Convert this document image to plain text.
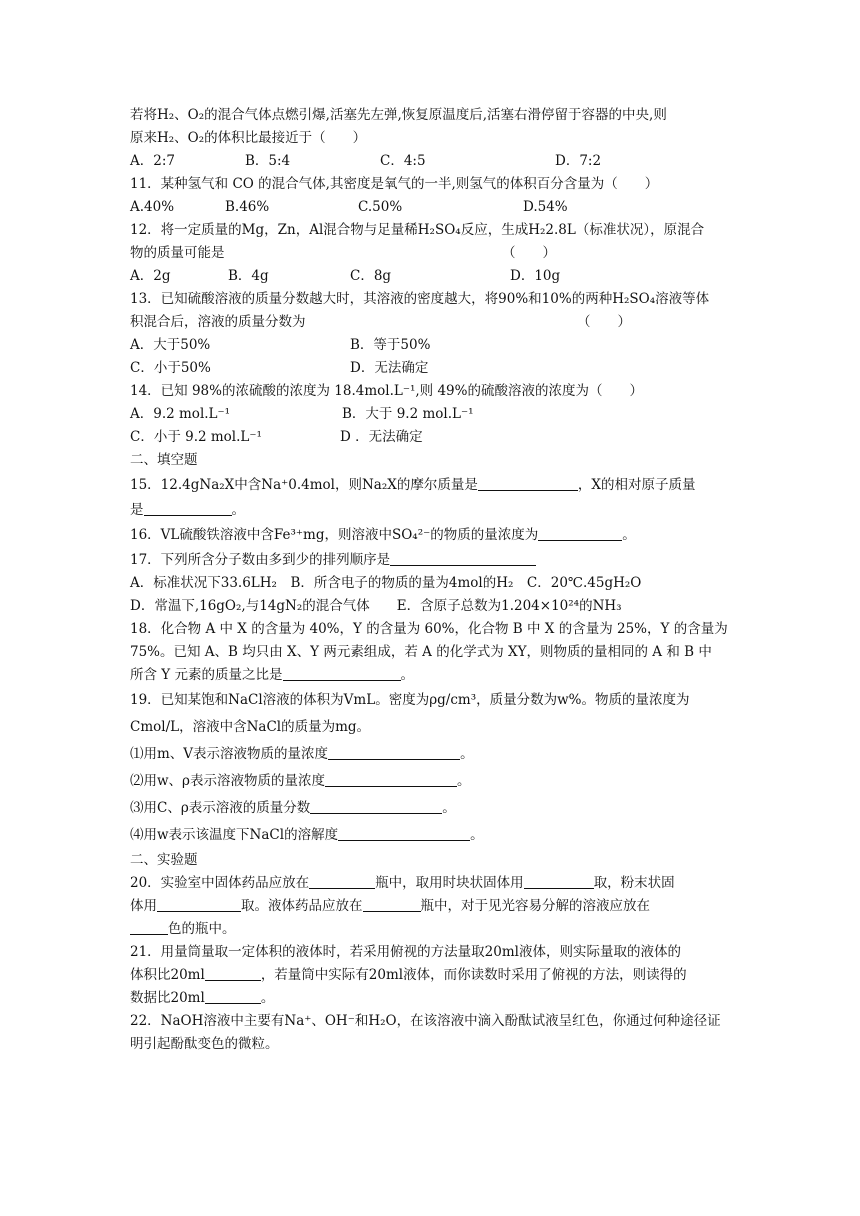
若将H₂、O₂的混合气体点燃引爆,活塞先左弹,恢复原温度后,活塞右滑停留于容器的中央,则
原来H₂、O₂的体积比最接近于（　　）
A．2:7	B．5:4	C．4:5	D．7:2
11．某种氢气和 CO 的混合气体,其密度是氧气的一半,则氢气的体积百分含量为（　　）
A.40%	B.46%	C.50%	D.54%
12．将一定质量的Mg，Zn，Al混合物与足量稀H₂SO₄反应，生成H₂2.8L（标准状况），原混合
物的质量可能是	（　　）
A．2g	B．4g	C．8g	D．10g
13．已知硫酸溶液的质量分数越大时，其溶液的密度越大，将90%和10%的两种H₂SO₄溶液等体
积混合后，溶液的质量分数为	（　　）
A．大于50%	B．等于50%
C．小于50%	D．无法确定
14．已知 98%的浓硫酸的浓度为 18.4mol.L⁻¹,则 49%的硫酸溶液的浓度为（　　）
A．9.2 mol.L⁻¹	B．大于 9.2 mol.L⁻¹
C．小于 9.2 mol.L⁻¹	D ．无法确定
二、填空题
15．12.4gNa₂X中含Na⁺0.4mol，则Na₂X的摩尔质量是	，X的相对原子质量
是	。
16．VL硫酸铁溶液中含Fe³⁺mg，则溶液中SO₄²⁻的物质的量浓度为	。
17．下列所含分子数由多到少的排列顺序是
A．标准状况下33.6LH₂　B．所含电子的物质的量为4mol的H₂　C．20℃.45gH₂O
D．常温下,16gO₂,与14gN₂的混合气体　　E．含原子总数为1.204×10²⁴的NH₃
18．化合物 A 中 X 的含量为 40%，Y 的含量为 60%，化合物 B 中 X 的含量为 25%，Y 的含量为
75%。已知 A、B 均只由 X、Y 两元素组成，若 A 的化学式为 XY，则物质的量相同的 A 和 B 中
所含 Y 元素的质量之比是	。
19．已知某饱和NaCl溶液的体积为VmL。密度为ρg/cm³，质量分数为w%。物质的量浓度为
Cmol/L，溶液中含NaCl的质量为mg。
⑴用m、V表示溶液物质的量浓度	。
⑵用w、ρ表示溶液物质的量浓度	。
⑶用C、ρ表示溶液的质量分数	。
⑷用w表示该温度下NaCl的溶解度	。
二、实验题
20．实验室中固体药品应放在	瓶中，取用时块状固体用	取，粉末状固
体用	取。液体药品应放在	瓶中，对于见光容易分解的溶液应放在
色的瓶中。
21．用量筒量取一定体积的液体时，若采用俯视的方法量取20ml液体，则实际量取的液体的
体积比20ml	，若量筒中实际有20ml液体，而你读数时采用了俯视的方法，则读得的
数据比20ml	。
22．NaOH溶液中主要有Na⁺、OH⁻和H₂O，在该溶液中滴入酚酞试液呈红色，你通过何种途径证
明引起酚酞变色的微粒。
